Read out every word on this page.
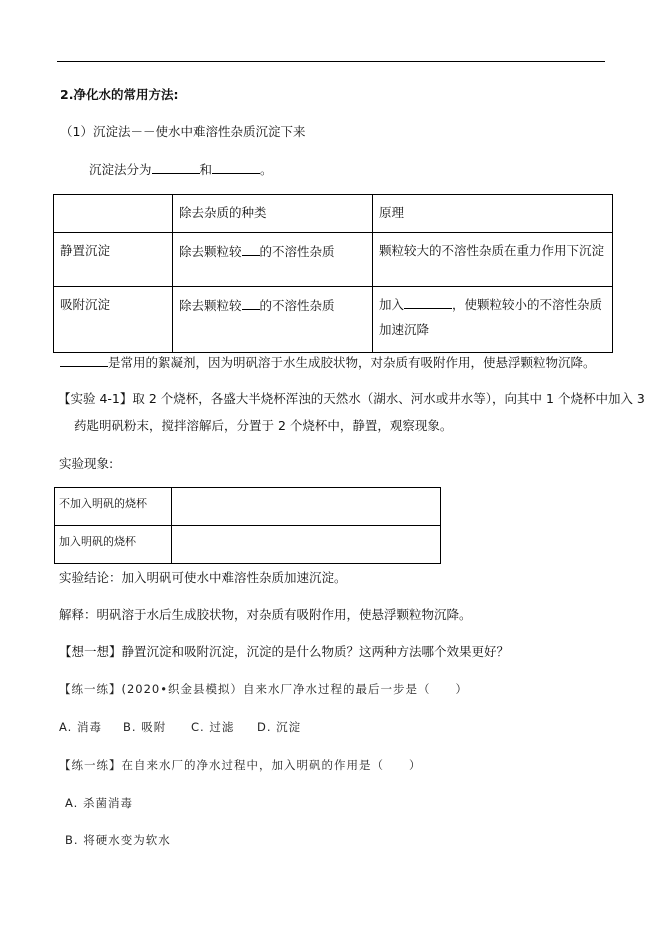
2.净化水的常用方法:
（1）沉淀法－－使水中难溶性杂质沉淀下来
沉淀法分为	和	。
	除去杂质的种类	原理
静置沉淀	除去颗粒较 的不溶性杂质	颗粒较大的不溶性杂质在重力作用下沉淀
吸附沉淀	除去颗粒较 的不溶性杂质	加入 ，使颗粒较小的不溶性杂质
加速沉降
是常用的絮凝剂，因为明矾溶于水生成胶状物，对杂质有吸附作用，使悬浮颗粒物沉降。
【实验 4-1】取 2 个烧杯，各盛大半烧杯浑浊的天然水（湖水、河水或井水等），向其中 1 个烧杯中加入 3
药匙明矾粉末，搅拌溶解后，分置于 2 个烧杯中，静置，观察现象。
实验现象:
不加入明矾的烧杯	
加入明矾的烧杯	
实验结论：加入明矾可使水中难溶性杂质加速沉淀。
解释：明矾溶于水后生成胶状物，对杂质有吸附作用，使悬浮颗粒物沉降。
【想一想】静置沉淀和吸附沉淀，沉淀的是什么物质？这两种方法哪个效果更好？
【练一练】(2020•织金县模拟）自来水厂净水过程的最后一步是（　　）
A. 消毒 B. 吸附 C. 过滤 D. 沉淀
【练一练】在自来水厂的净水过程中，加入明矾的作用是（　　）
A. 杀菌消毒
B. 将硬水变为软水
